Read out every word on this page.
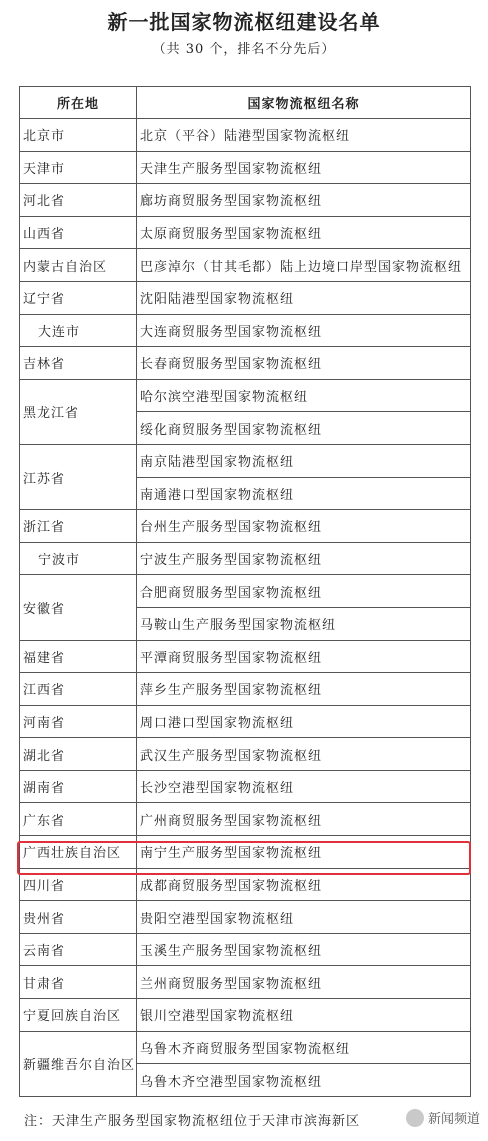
新一批国家物流枢纽建设名单
（共 30 个，排名不分先后）
所在地	国家物流枢纽名称
北京市	北京（平谷）陆港型国家物流枢纽
天津市	天津生产服务型国家物流枢纽
河北省	廊坊商贸服务型国家物流枢纽
山西省	太原商贸服务型国家物流枢纽
内蒙古自治区	巴彦淖尔（甘其毛都）陆上边境口岸型国家物流枢纽
辽宁省	沈阳陆港型国家物流枢纽
大连市	大连商贸服务型国家物流枢纽
吉林省	长春商贸服务型国家物流枢纽
黑龙江省	哈尔滨空港型国家物流枢纽
	绥化商贸服务型国家物流枢纽
江苏省	南京陆港型国家物流枢纽
	南通港口型国家物流枢纽
浙江省	台州生产服务型国家物流枢纽
宁波市	宁波生产服务型国家物流枢纽
安徽省	合肥商贸服务型国家物流枢纽
	马鞍山生产服务型国家物流枢纽
福建省	平潭商贸服务型国家物流枢纽
江西省	萍乡生产服务型国家物流枢纽
河南省	周口港口型国家物流枢纽
湖北省	武汉生产服务型国家物流枢纽
湖南省	长沙空港型国家物流枢纽
广东省	广州商贸服务型国家物流枢纽
广西壮族自治区	南宁生产服务型国家物流枢纽
四川省	成都商贸服务型国家物流枢纽
贵州省	贵阳空港型国家物流枢纽
云南省	玉溪生产服务型国家物流枢纽
甘肃省	兰州商贸服务型国家物流枢纽
宁夏回族自治区	银川空港型国家物流枢纽
新疆维吾尔自治区	乌鲁木齐商贸服务型国家物流枢纽
	乌鲁木齐空港型国家物流枢纽
注：天津生产服务型国家物流枢纽位于天津市滨海新区	新闻频道
